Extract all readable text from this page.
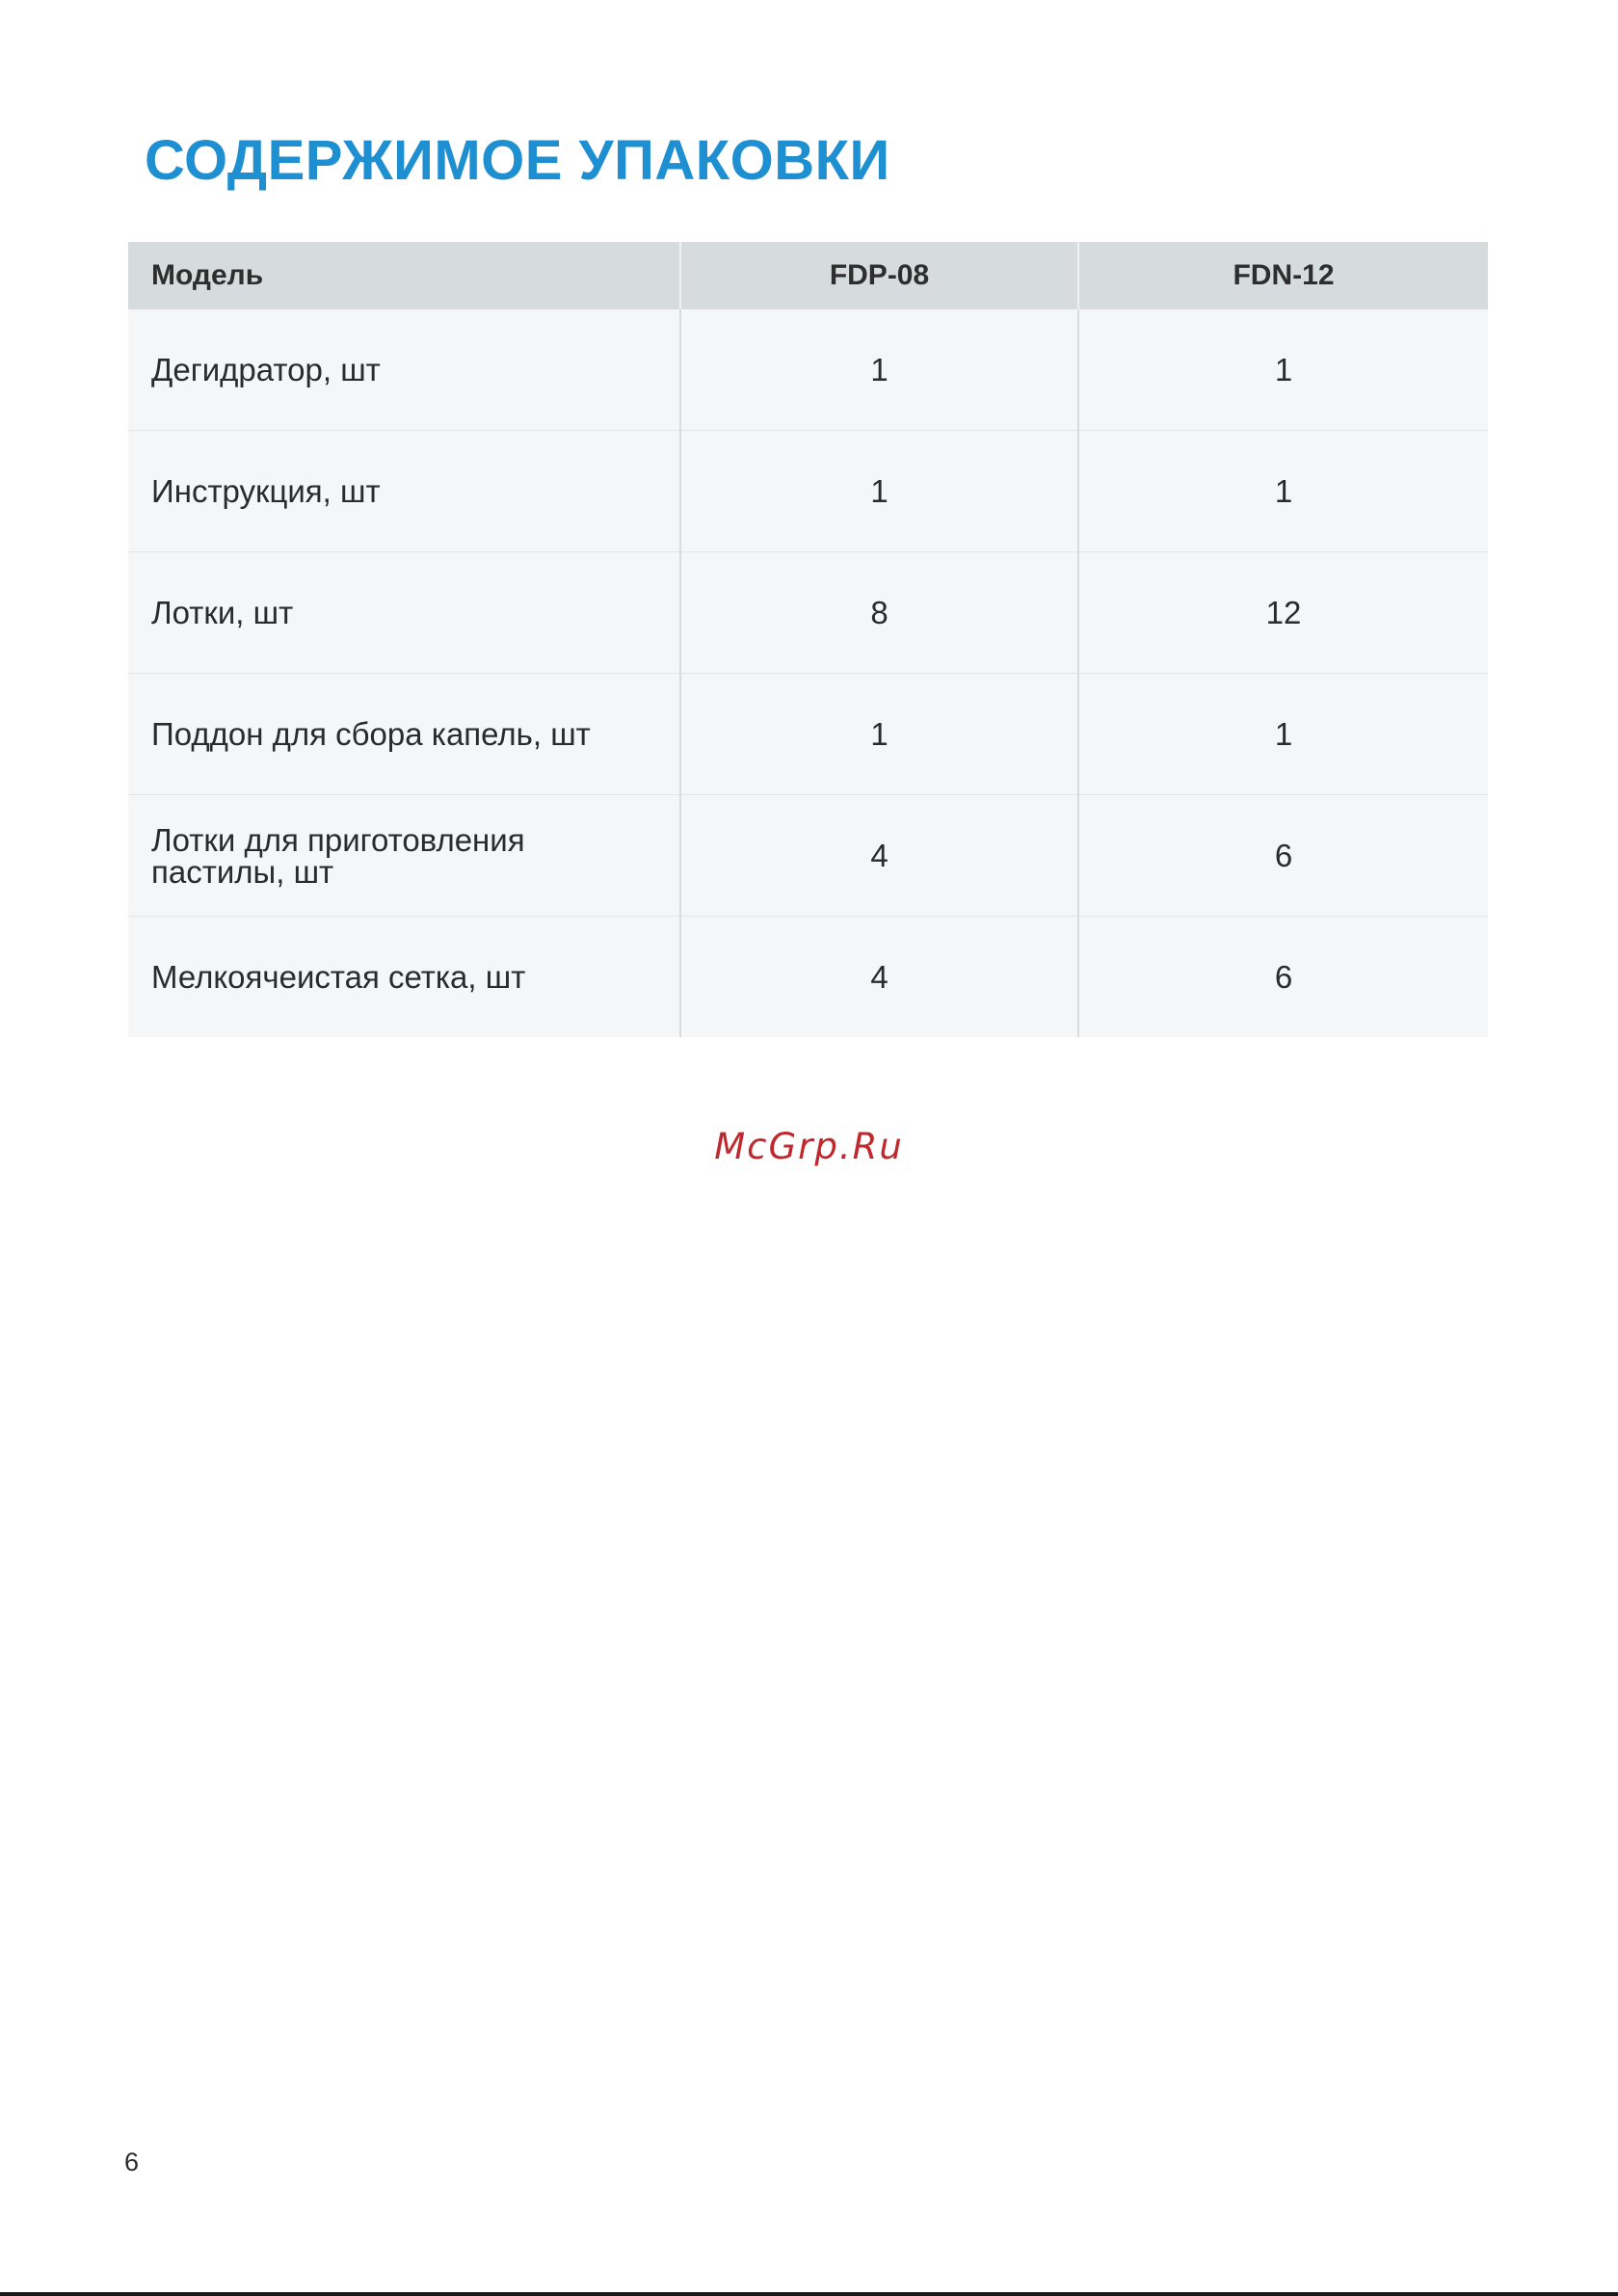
СОДЕРЖИМОЕ УПАКОВКИ
Модель	FDP-08	FDN-12
Дегидратор, шт	1	1
Инструкция, шт	1	1
Лотки, шт	8	12
Поддон для сбора капель, шт	1	1
Лотки для приготовления пастилы, шт	4	6
Мелкоячеистая сетка, шт	4	6
McGrp.Ru
6
